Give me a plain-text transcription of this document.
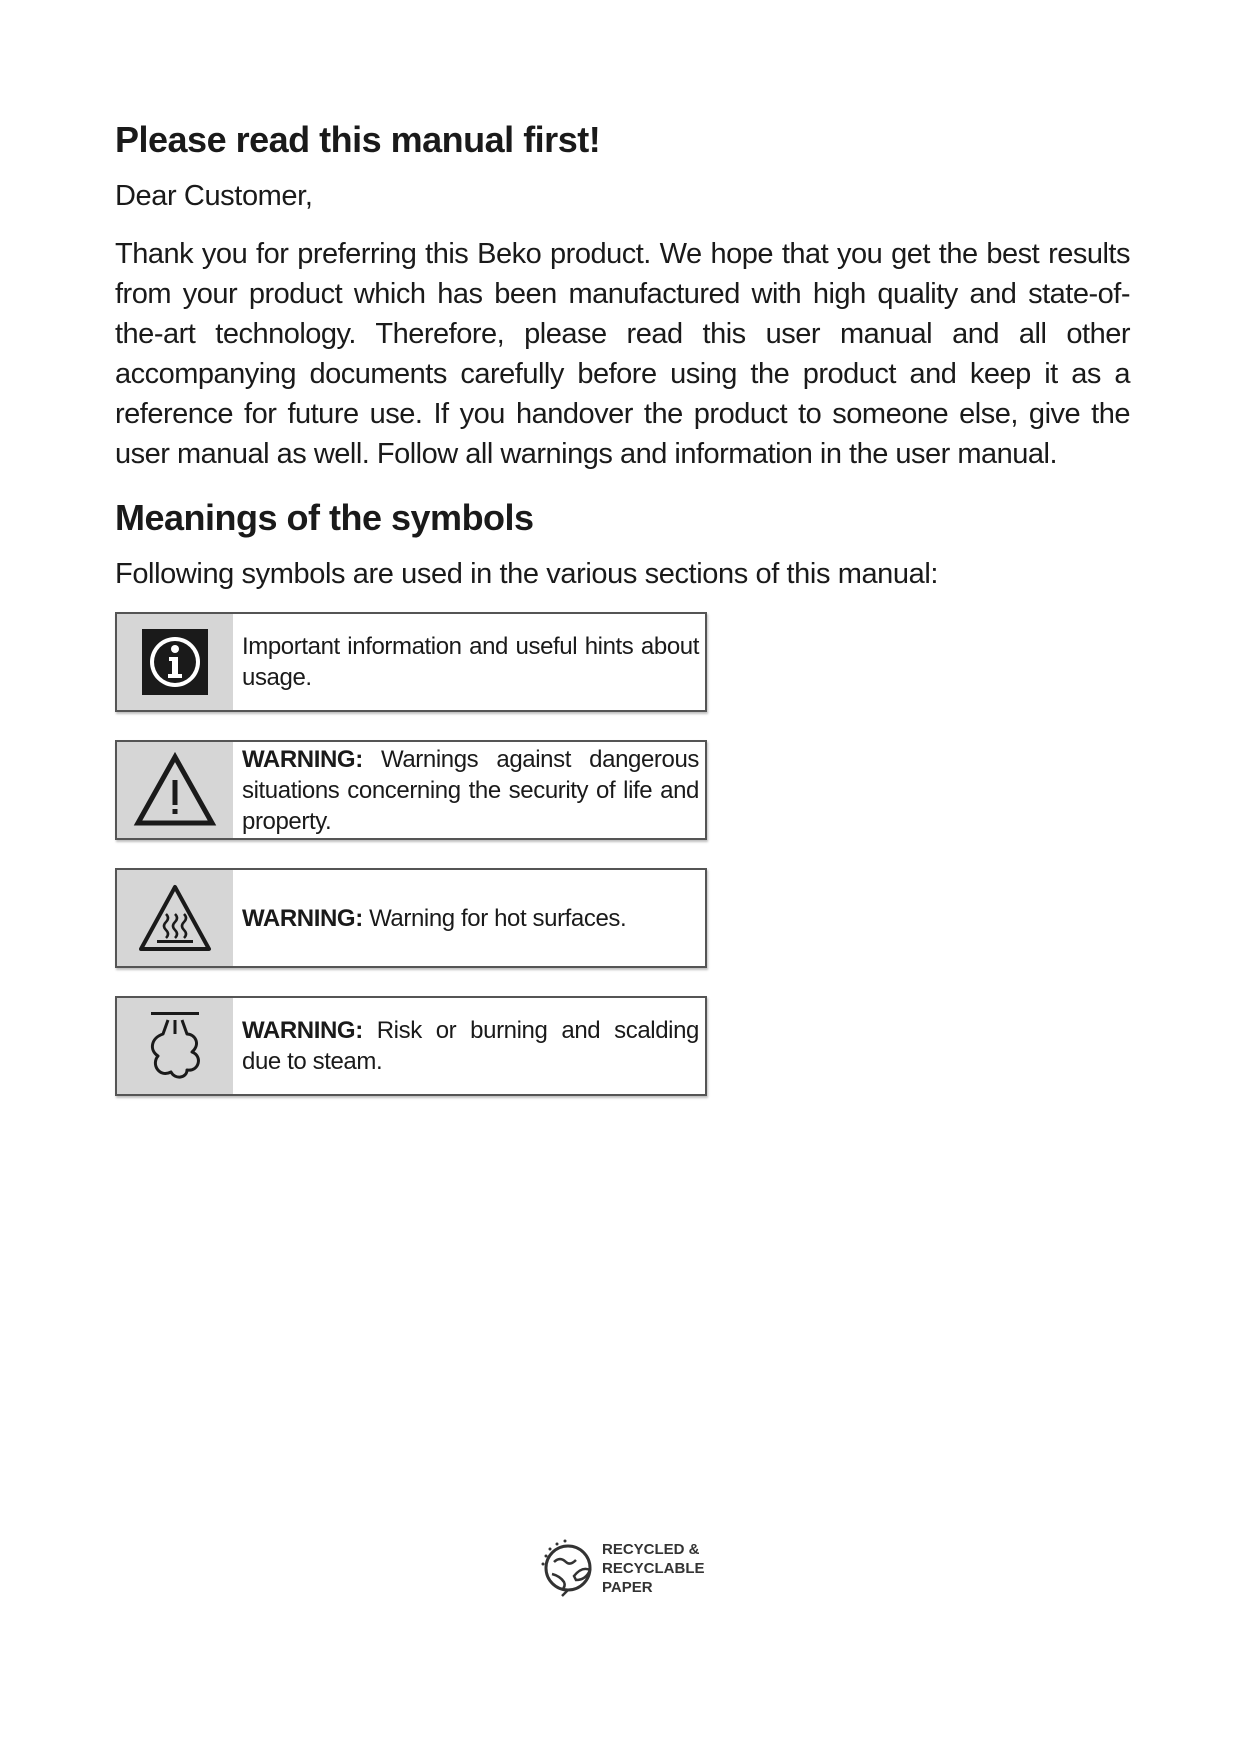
Please read this manual first!
Dear Customer,
Thank you for preferring this Beko product. We hope that you get the best results from your product which has been manufactured with high quality and state-of-the-art technology. Therefore, please read this user manual and all other accompanying documents carefully before using the product and keep it as a reference for future use. If you handover the product to someone else, give the user manual as well. Follow all warnings and information in the user manual.
Meanings of the symbols
Following symbols are used in the various sections of this manual:
Important information and useful hints about usage.
WARNING: Warnings against dangerous situations concerning the security of life and property.
WARNING: Warning for hot surfaces.
WARNING: Risk or burning and scalding due to steam.
RECYCLED &
RECYCLABLE
PAPER
